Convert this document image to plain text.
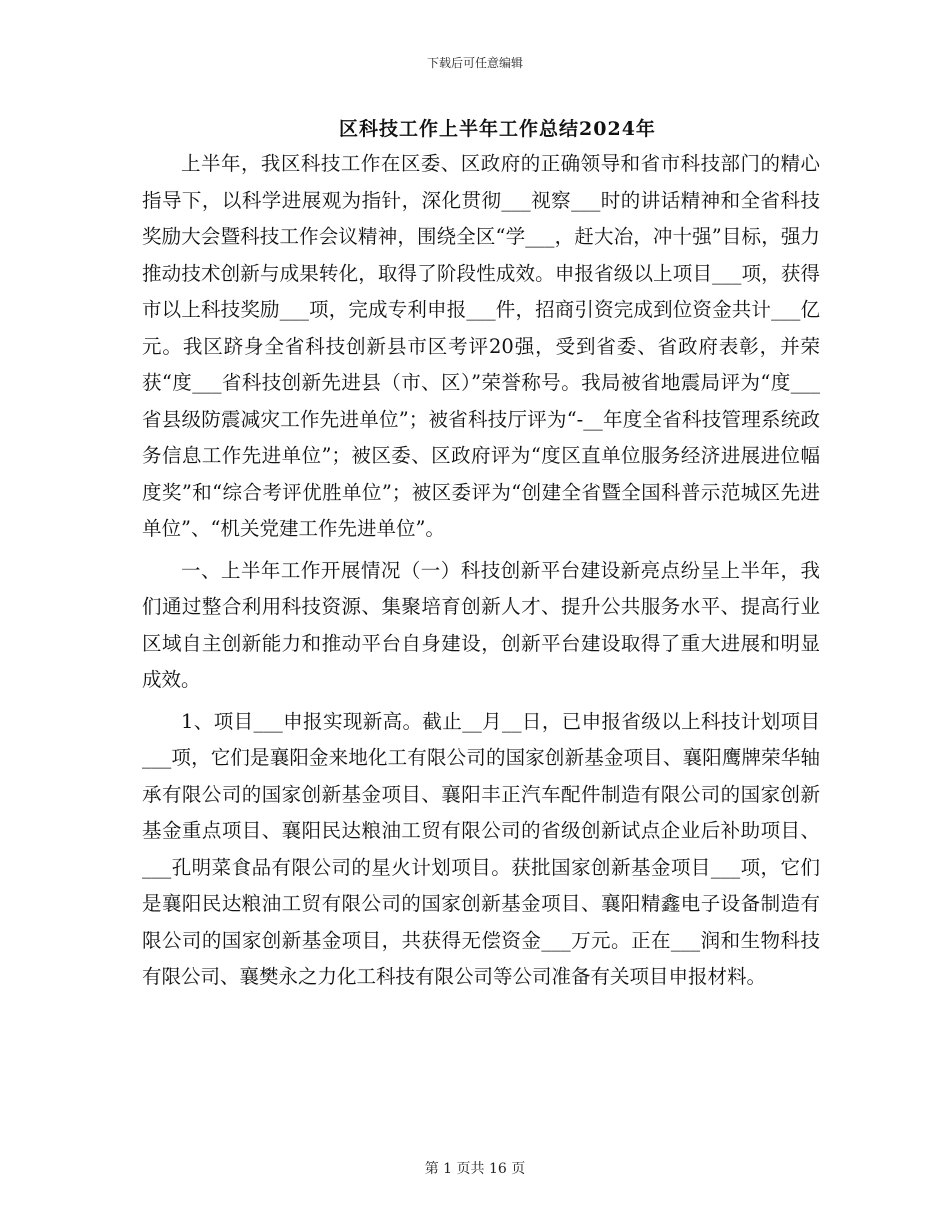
下载后可任意编辑
区科技工作上半年工作总结2024年

上半年，我区科技工作在区委、区政府的正确领导和省市科技部门的精心指导下，以科学进展观为指针，深化贯彻___视察___时的讲话精神和全省科技奖励大会暨科技工作会议精神，围绕全区“学___，赶大冶，冲十强”目标，强力推动技术创新与成果转化，取得了阶段性成效。申报省级以上项目___项，获得市以上科技奖励___项，完成专利申报___件，招商引资完成到位资金共计___亿元。我区跻身全省科技创新县市区考评20强，受到省委、省政府表彰，并荣获“度___省科技创新先进县（市、区）”荣誉称号。我局被省地震局评为“度___省县级防震减灾工作先进单位”；被省科技厅评为“-__年度全省科技管理系统政务信息工作先进单位”；被区委、区政府评为“度区直单位服务经济进展进位幅度奖”和“综合考评优胜单位”；被区委评为“创建全省暨全国科普示范城区先进单位”、“机关党建工作先进单位”。

一、上半年工作开展情况（一）科技创新平台建设新亮点纷呈上半年，我们通过整合利用科技资源、集聚培育创新人才、提升公共服务水平、提高行业区域自主创新能力和推动平台自身建设，创新平台建设取得了重大进展和明显成效。

1、项目___申报实现新高。截止__月__日，已申报省级以上科技计划项目___项，它们是襄阳金来地化工有限公司的国家创新基金项目、襄阳鹰牌荣华轴承有限公司的国家创新基金项目、襄阳丰正汽车配件制造有限公司的国家创新基金重点项目、襄阳民达粮油工贸有限公司的省级创新试点企业后补助项目、___孔明菜食品有限公司的星火计划项目。获批国家创新基金项目___项，它们是襄阳民达粮油工贸有限公司的国家创新基金项目、襄阳精鑫电子设备制造有限公司的国家创新基金项目，共获得无偿资金___万元。正在___润和生物科技有限公司、襄樊永之力化工科技有限公司等公司准备有关项目申报材料。

第 1 页共 16 页
